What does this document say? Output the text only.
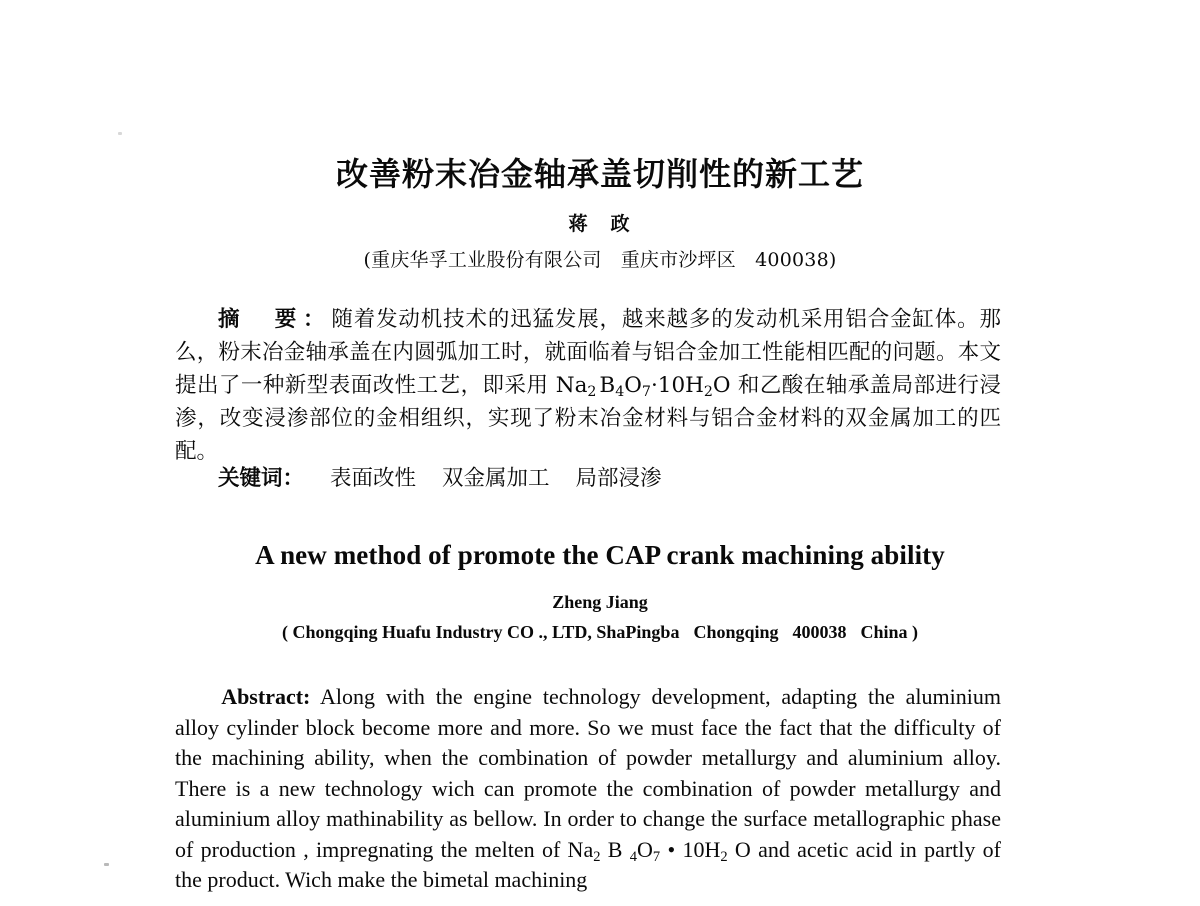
改善粉末冶金轴承盖切削性的新工艺
蒋　政
(重庆华孚工业股份有限公司　重庆市沙坪区　400038)

摘　要：随着发动机技术的迅猛发展，越来越多的发动机采用铝合金缸体。那么，粉末冶金轴承盖在内圆弧加工时，就面临着与铝合金加工性能相匹配的问题。本文提出了一种新型表面改性工艺，即采用 $Na_2$ $B_4O_7\cdot 10H_2O$ 和乙酸在轴承盖局部进行浸渗，改变浸渗部位的金相组织，实现了粉末冶金材料与铝合金材料的双金属加工的匹配。

关键词： 表面改性 双金属加工 局部浸渗
A new method of promote the CAP crank machining ability
Zheng Jiang
( Chongqing Huafu Industry CO ., LTD, ShaPingba Chongqing 400038 China )

Abstract: Along with the engine technology development, adapting the aluminium alloy cylinder block become more and more. So we must face the fact that the difficulty of the machining ability, when the combination of powder metallurgy and aluminium alloy. There is a new technology wich can promote the combination of powder metallurgy and aluminium alloy mathinability as bellow. In order to change the surface metallographic phase of production , impregnating the melten of $Na_2$ B $_4O_7$ • $10H_2$ O and acetic acid in partly of the product. Wich make the bimetal machining
